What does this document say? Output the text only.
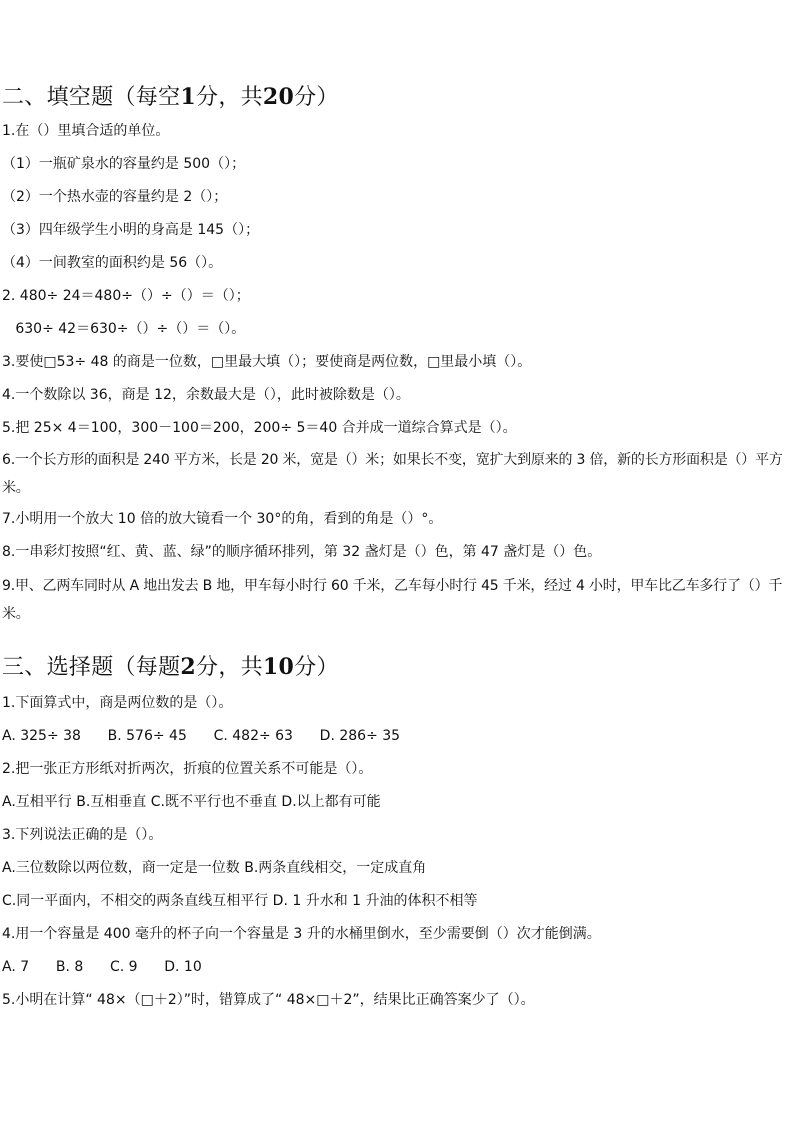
二、填空题（每空1分，共20分）
1.在（）里填合适的单位。
（1）一瓶矿泉水的容量约是 500（）；
（2）一个热水壶的容量约是 2（）；
（3）四年级学生小明的身高是 145（）；
（4）一间教室的面积约是 56（）。
2. 480÷ 24＝480÷（）÷（）＝（）；
630÷ 42＝630÷（）÷（）＝（）。
3.要使□53÷ 48 的商是一位数，□里最大填（）；要使商是两位数，□里最小填（）。
4.一个数除以 36，商是 12，余数最大是（），此时被除数是（）。
5.把 25× 4＝100，300－100＝200，200÷ 5＝40 合并成一道综合算式是（）。
6.一个长方形的面积是 240 平方米，长是 20 米，宽是（）米；如果长不变，宽扩大到原来的 3 倍，新的长方形面积是（）平方米。
7.小明用一个放大 10 倍的放大镜看一个 30°的角，看到的角是（）°。
8.一串彩灯按照“红、黄、蓝、绿”的顺序循环排列，第 32 盏灯是（）色，第 47 盏灯是（）色。
9.甲、乙两车同时从 A 地出发去 B 地，甲车每小时行 60 千米，乙车每小时行 45 千米，经过 4 小时，甲车比乙车多行了（）千米。
三、选择题（每题2分，共10分）
1.下面算式中，商是两位数的是（）。
A. 325÷ 38      B. 576÷ 45      C. 482÷ 63      D. 286÷ 35
2.把一张正方形纸对折两次，折痕的位置关系不可能是（）。
A.互相平行 B.互相垂直 C.既不平行也不垂直 D.以上都有可能
3.下列说法正确的是（）。
A.三位数除以两位数，商一定是一位数 B.两条直线相交，一定成直角
C.同一平面内，不相交的两条直线互相平行 D. 1 升水和 1 升油的体积不相等
4.用一个容量是 400 毫升的杯子向一个容量是 3 升的水桶里倒水，至少需要倒（）次才能倒满。
A. 7      B. 8      C. 9      D. 10
5.小明在计算“ 48×（□＋2）”时，错算成了“ 48×□＋2”，结果比正确答案少了（）。
